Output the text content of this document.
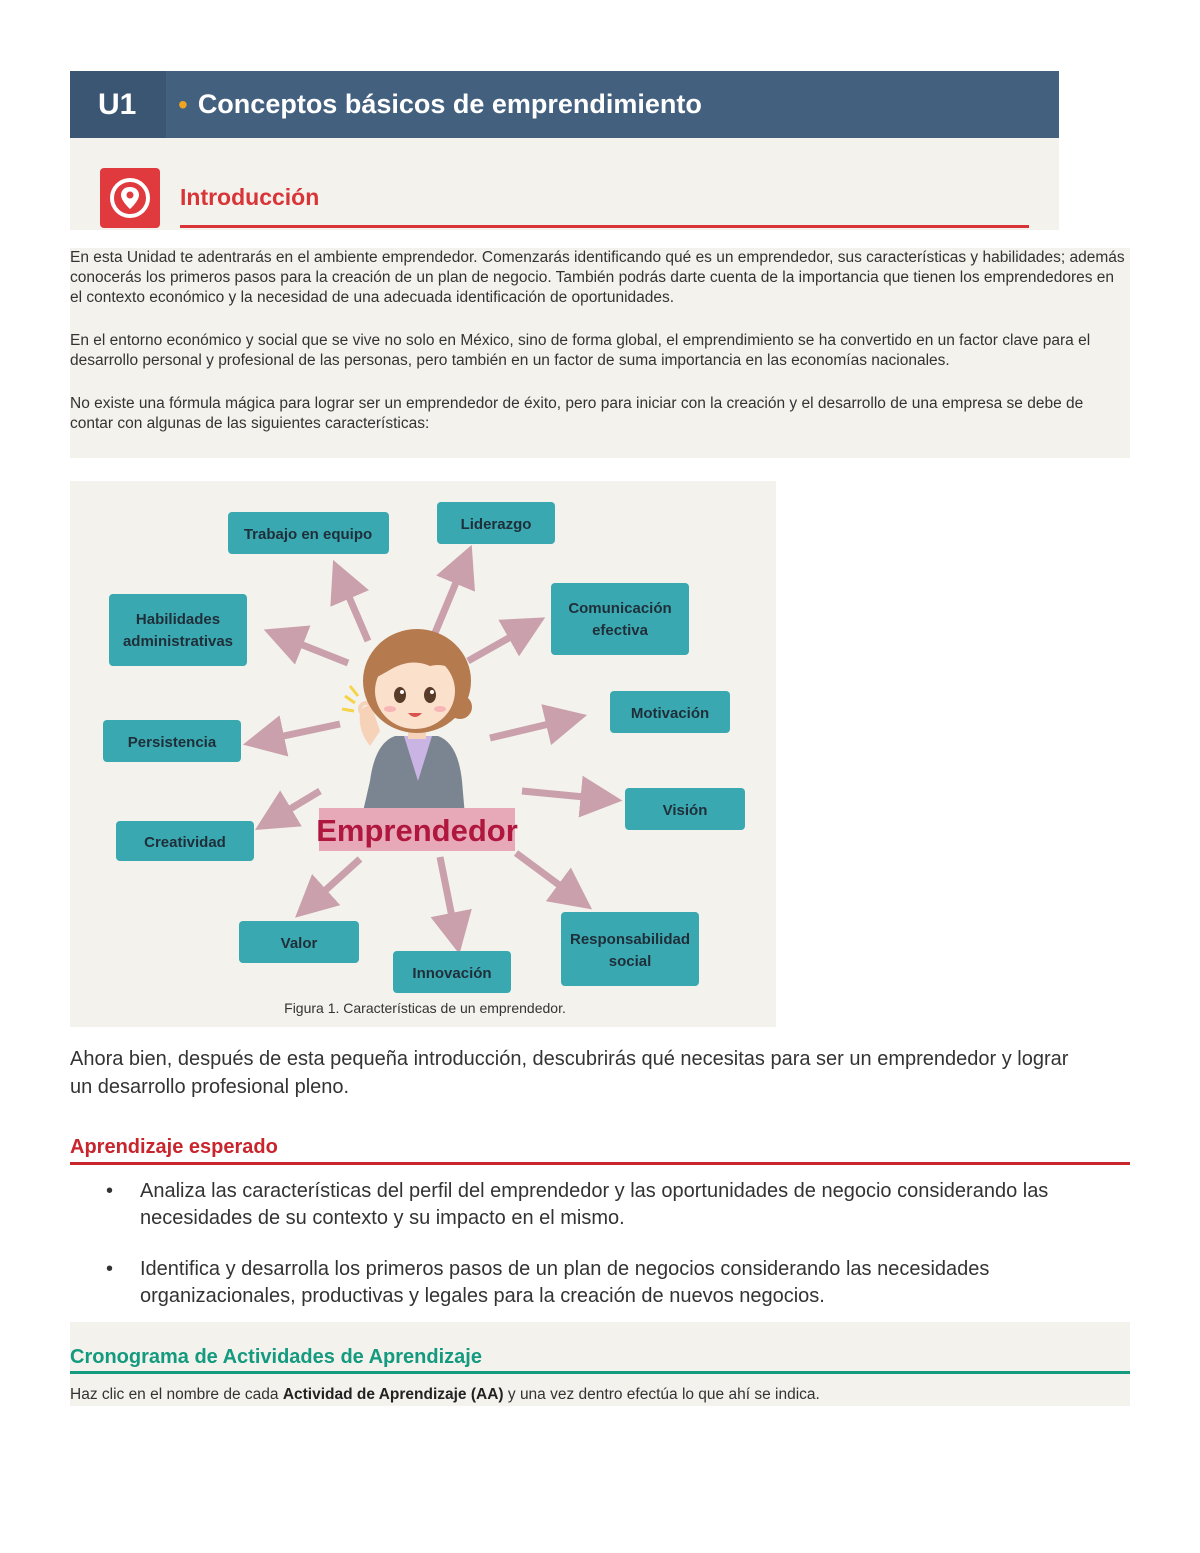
U1	• Conceptos básicos de emprendimiento
Introducción

En esta Unidad te adentrarás en el ambiente emprendedor. Comenzarás identificando qué es un emprendedor, sus características y habilidades; además conocerás los primeros pasos para la creación de un plan de negocio. También podrás darte cuenta de la importancia que tienen los emprendedores en el contexto económico y la necesidad de una adecuada identificación de oportunidades.

En el entorno económico y social que se vive no solo en México, sino de forma global, el emprendimiento se ha convertido en un factor clave para el desarrollo personal y profesional de las personas, pero también en un factor de suma importancia en las economías nacionales.

No existe una fórmula mágica para lograr ser un emprendedor de éxito, pero para iniciar con la creación y el desarrollo de una empresa se debe de contar con algunas de las siguientes características:

Emprendedor
Trabajo en equipo
Liderazgo
Comunicación
efectiva
Habilidades
administrativas
Motivación
Persistencia
Visión
Creatividad
Responsabilidad
social
Valor
Innovación
Figura 1. Características de un emprendedor.
Ahora bien, después de esta pequeña introducción, descubrirás qué necesitas para ser un emprendedor y lograr un desarrollo profesional pleno.
Aprendizaje esperado
• Analiza las características del perfil del emprendedor y las oportunidades de negocio considerando las necesidades de su contexto y su impacto en el mismo.
• Identifica y desarrolla los primeros pasos de un plan de negocios considerando las necesidades organizacionales, productivas y legales para la creación de nuevos negocios.
Cronograma de Actividades de Aprendizaje
Haz clic en el nombre de cada Actividad de Aprendizaje (AA) y una vez dentro efectúa lo que ahí se indica.
